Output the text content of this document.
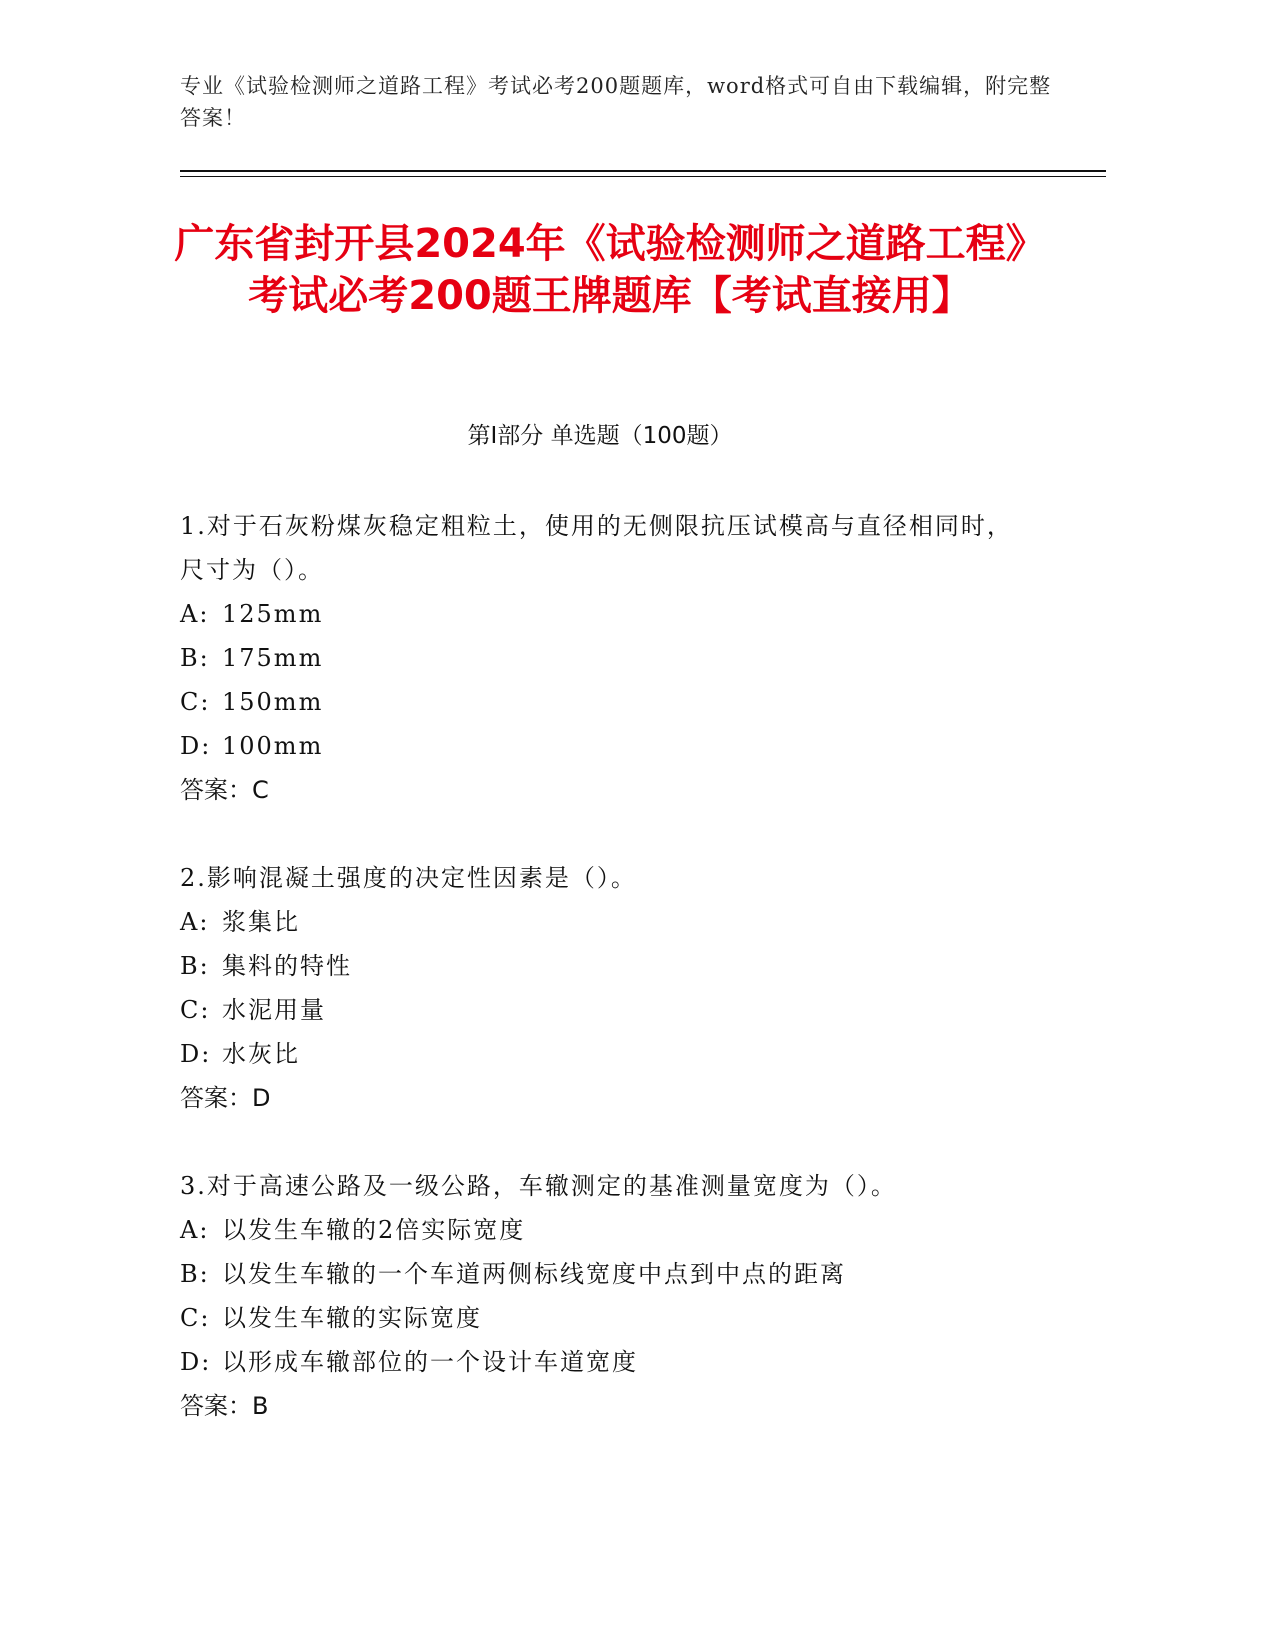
专业《试验检测师之道路工程》考试必考200题题库，word格式可自由下载编辑，附完整答案！
广东省封开县2024年《试验检测师之道路工程》考试必考200题王牌题库【考试直接用】
第I部分 单选题（100题）
1.对于石灰粉煤灰稳定粗粒土，使用的无侧限抗压试模高与直径相同时，尺寸为（）。
A: 125mm
B: 175mm
C: 150mm
D: 100mm
答案：C
2.影响混凝土强度的决定性因素是（）。
A: 浆集比
B: 集料的特性
C: 水泥用量
D: 水灰比
答案：D
3.对于高速公路及一级公路，车辙测定的基准测量宽度为（）。
A: 以发生车辙的2倍实际宽度
B: 以发生车辙的一个车道两侧标线宽度中点到中点的距离
C: 以发生车辙的实际宽度
D: 以形成车辙部位的一个设计车道宽度
答案：B
